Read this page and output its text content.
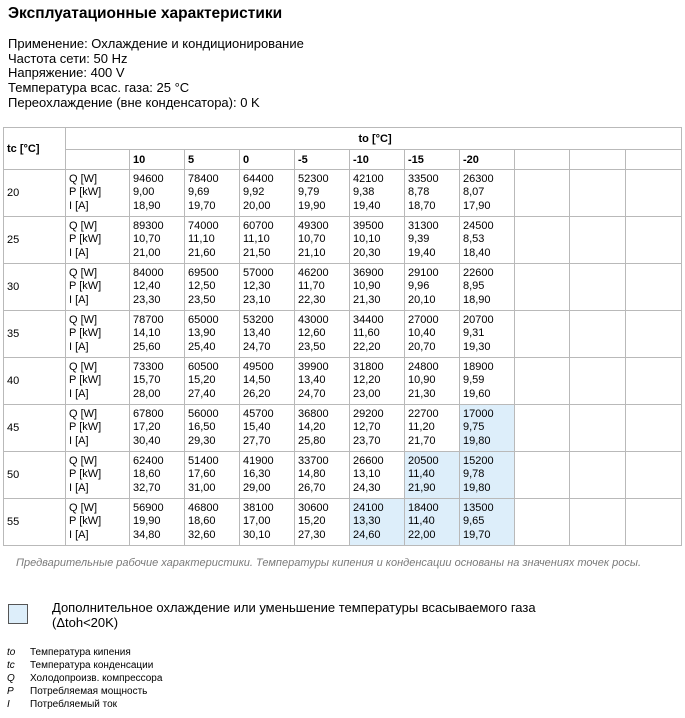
Эксплуатационные характеристики
Применение: Охлаждение и кондиционирование
Частота сети: 50 Hz
Напряжение: 400 V
Температура всас. газа: 25 °C
Переохлаждение (вне конденсатора): 0 K
tc [°C]	to [°C]										
		10	5	0	-5	-10	-15	-20			
20	Q [W]
P [kW]
I [A]	94600
9,00
18,90	78400
9,69
19,70	64400
9,92
20,00	52300
9,79
19,90	42100
9,38
19,40	33500
8,78
18,70	26300
8,07
17,90			

25	Q [W]
P [kW]
I [A]	89300
10,70
21,00	74000
11,10
21,60	60700
11,10
21,50	49300
10,70
21,10	39500
10,10
20,30	31300
9,39
19,40	24500
8,53
18,40			

30	Q [W]
P [kW]
I [A]	84000
12,40
23,30	69500
12,50
23,50	57000
12,30
23,10	46200
11,70
22,30	36900
10,90
21,30	29100
9,96
20,10	22600
8,95
18,90			

35	Q [W]
P [kW]
I [A]	78700
14,10
25,60	65000
13,90
25,40	53200
13,40
24,70	43000
12,60
23,50	34400
11,60
22,20	27000
10,40
20,70	20700
9,31
19,30			

40	Q [W]
P [kW]
I [A]	73300
15,70
28,00	60500
15,20
27,40	49500
14,50
26,20	39900
13,40
24,70	31800
12,20
23,00	24800
10,90
21,30	18900
9,59
19,60			

45	Q [W]
P [kW]
I [A]	67800
17,20
30,40	56000
16,50
29,30	45700
15,40
27,70	36800
14,20
25,80	29200
12,70
23,70	22700
11,20
21,70	17000
9,75
19,80			

50	Q [W]
P [kW]
I [A]	62400
18,60
32,70	51400
17,60
31,00	41900
16,30
29,00	33700
14,80
26,70	26600
13,10
24,30	20500
11,40
21,90	15200
9,78
19,80			

55	Q [W]
P [kW]
I [A]	56900
19,90
34,80	46800
18,60
32,60	38100
17,00
30,10	30600
15,20
27,30	24100
13,30
24,60	18400
11,40
22,00	13500
9,65
19,70			

Предварительные рабочие характеристики. Температуры кипения и конденсации основаны на значениях точек росы.
Дополнительное охлаждение или уменьшение температуры всасываемого газа
(Δtoh<20K)
to Температура кипения
tc Температура конденсации
Q Холодопроизв. компрессора
P Потребляемая мощность
I Потребляемый ток
